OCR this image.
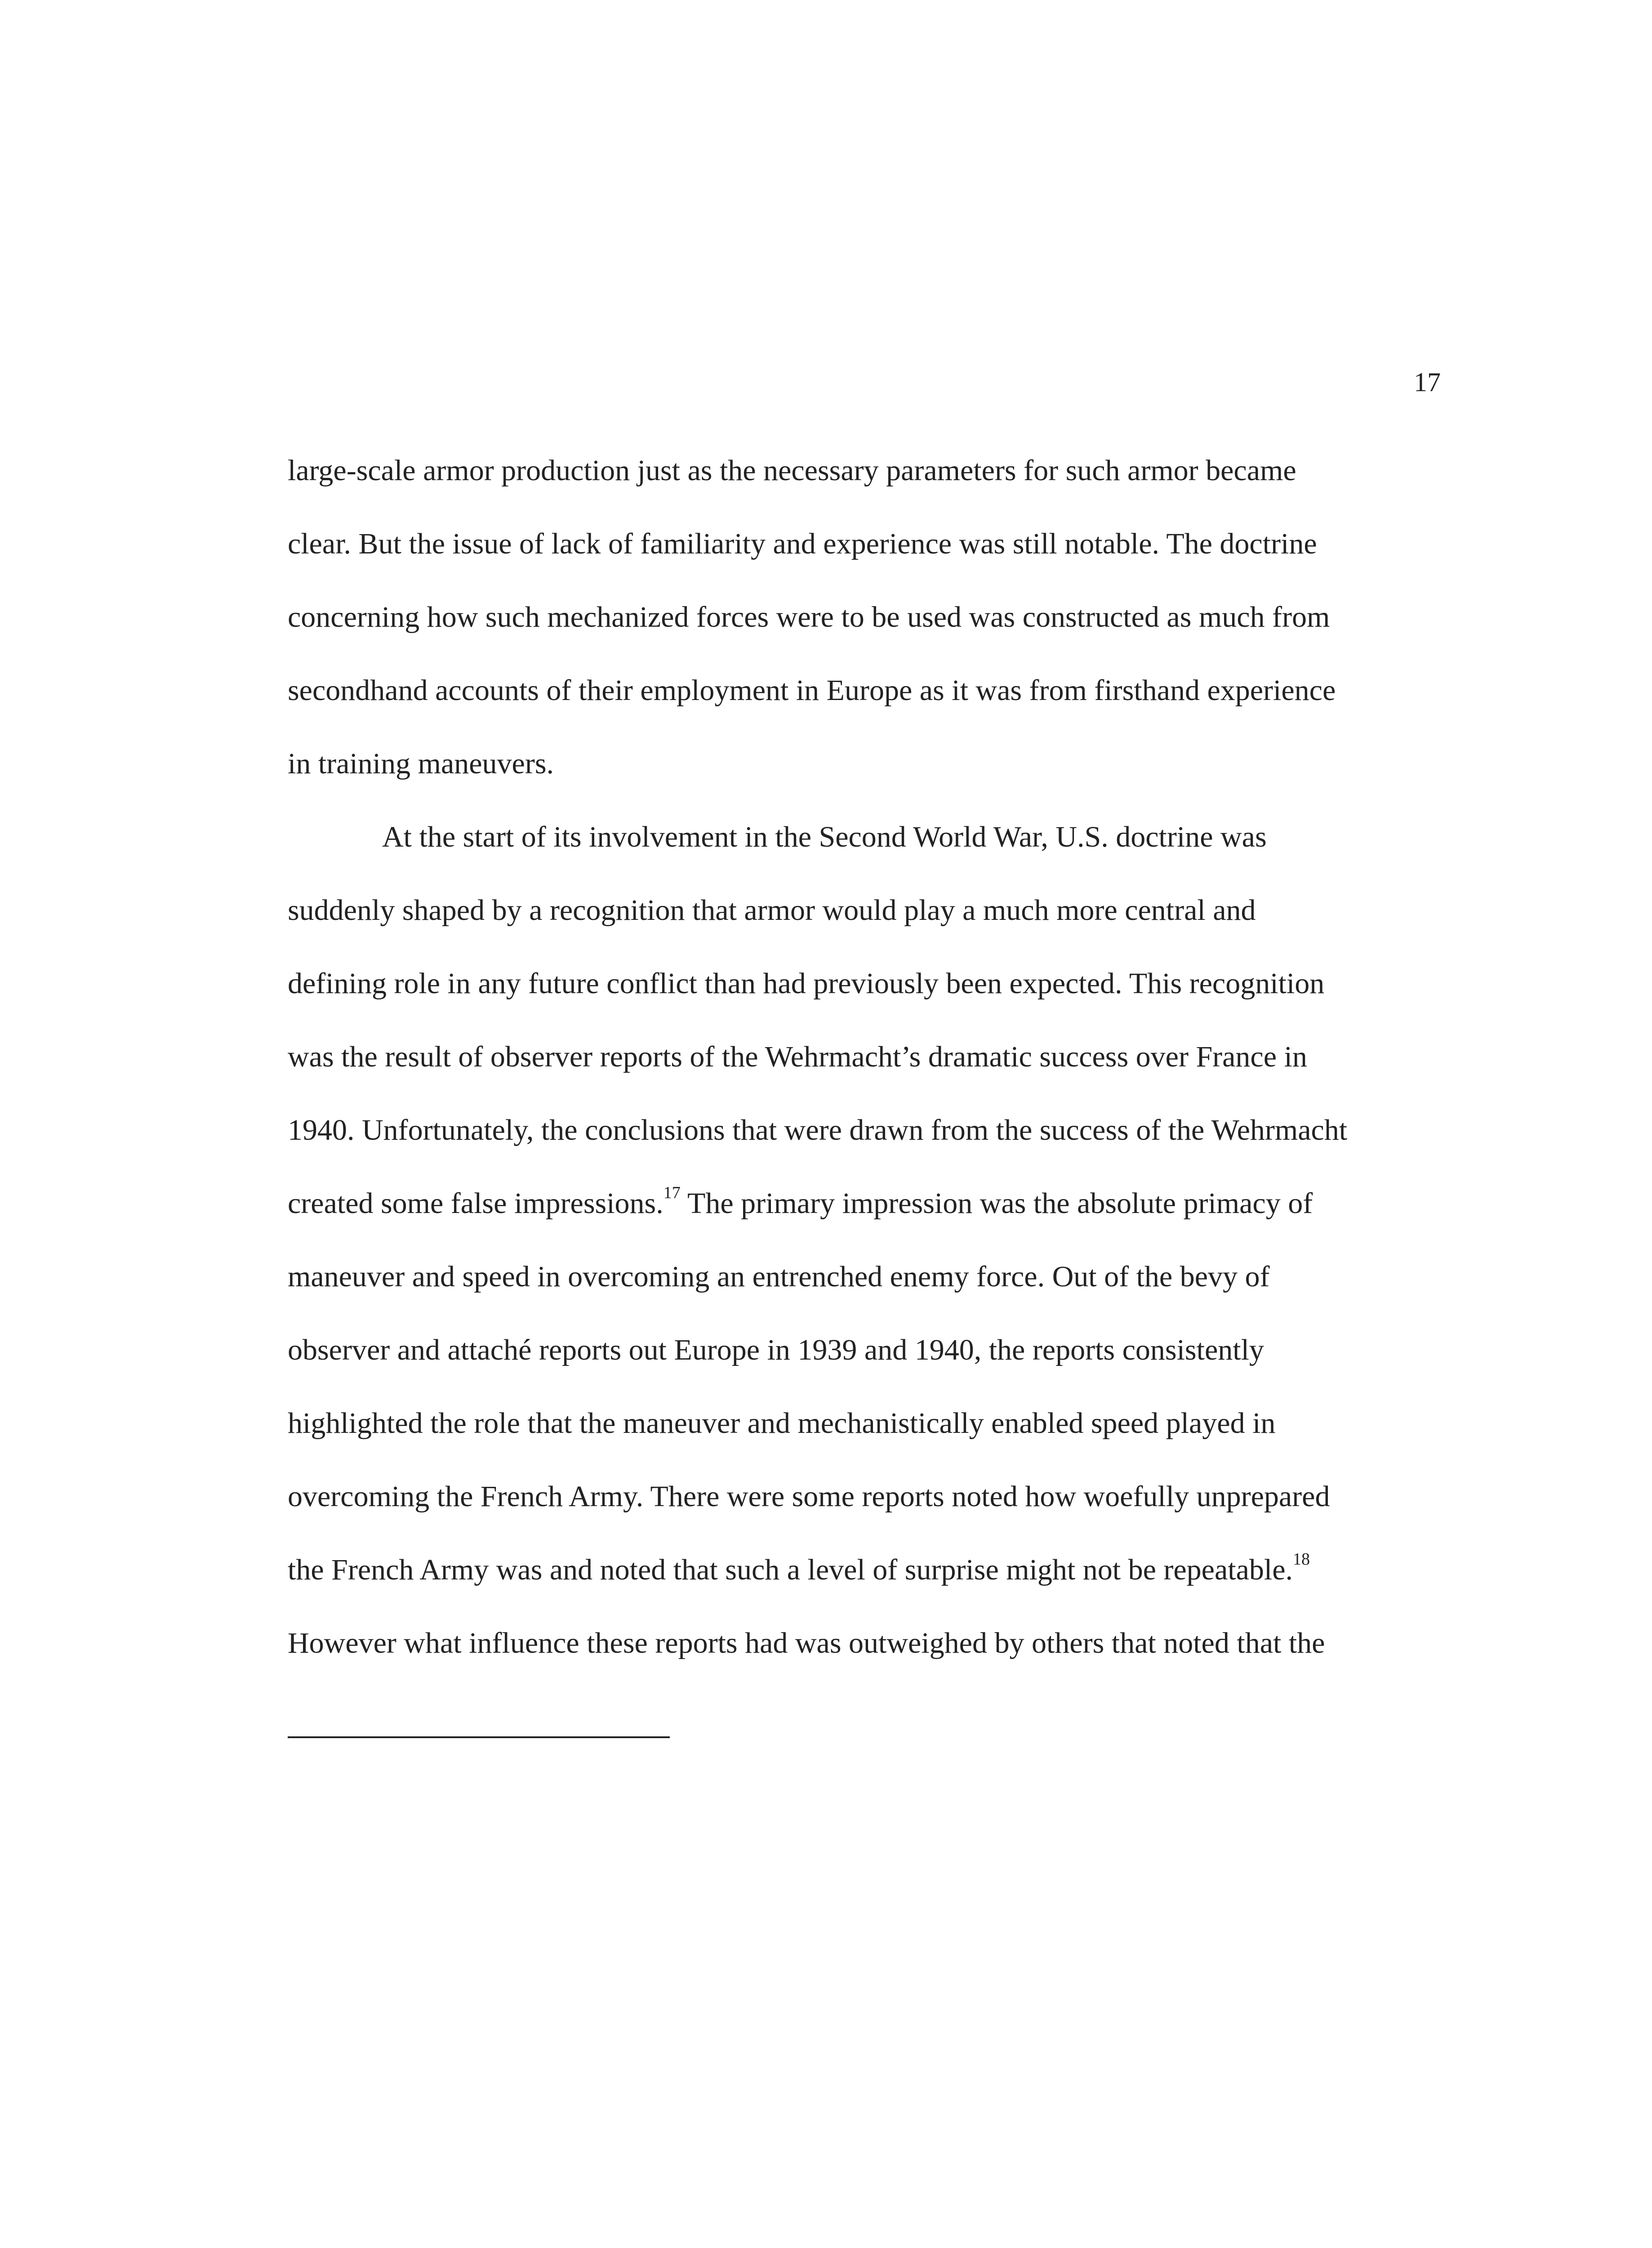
17
large-scale armor production just as the necessary parameters for such armor became
clear. But the issue of lack of familiarity and experience was still notable. The doctrine
concerning how such mechanized forces were to be used was constructed as much from
secondhand accounts of their employment in Europe as it was from firsthand experience
in training maneuvers.
At the start of its involvement in the Second World War, U.S. doctrine was
suddenly shaped by a recognition that armor would play a much more central and
defining role in any future conflict than had previously been expected. This recognition
was the result of observer reports of the Wehrmacht’s dramatic success over France in
1940. Unfortunately, the conclusions that were drawn from the success of the Wehrmacht
created some false impressions.$^{17}$ The primary impression was the absolute primacy of
maneuver and speed in overcoming an entrenched enemy force. Out of the bevy of
observer and attaché reports out Europe in 1939 and 1940, the reports consistently
highlighted the role that the maneuver and mechanistically enabled speed played in
overcoming the French Army. There were some reports noted how woefully unprepared
the French Army was and noted that such a level of surprise might not be repeatable.$^{18}$
However what influence these reports had was outweighed by others that noted that the
